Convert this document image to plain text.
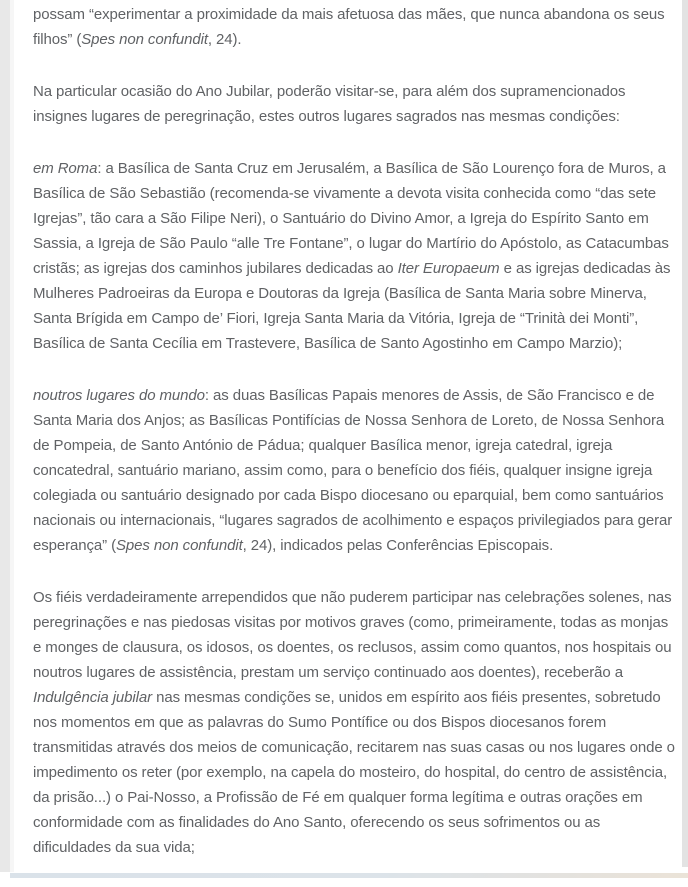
possam “experimentar a proximidade da mais afetuosa das mães, que nunca abandona os seus filhos” (Spes non confundit, 24).

Na particular ocasião do Ano Jubilar, poderão visitar-se, para além dos supramencionados insignes lugares de peregrinação, estes outros lugares sagrados nas mesmas condições:

em Roma: a Basílica de Santa Cruz em Jerusalém, a Basílica de São Lourenço fora de Muros, a Basílica de São Sebastião (recomenda-se vivamente a devota visita conhecida como “das sete Igrejas”, tão cara a São Filipe Neri), o Santuário do Divino Amor, a Igreja do Espírito Santo em Sassia, a Igreja de São Paulo “alle Tre Fontane”, o lugar do Martírio do Apóstolo, as Catacumbas cristãs; as igrejas dos caminhos jubilares dedicadas ao Iter Europaeum e as igrejas dedicadas às Mulheres Padroeiras da Europa e Doutoras da Igreja (Basílica de Santa Maria sobre Minerva, Santa Brígida em Campo de’ Fiori, Igreja Santa Maria da Vitória, Igreja de “Trinità dei Monti”, Basílica de Santa Cecília em Trastevere, Basílica de Santo Agostinho em Campo Marzio);

noutros lugares do mundo: as duas Basílicas Papais menores de Assis, de São Francisco e de Santa Maria dos Anjos; as Basílicas Pontifícias de Nossa Senhora de Loreto, de Nossa Senhora de Pompeia, de Santo António de Pádua; qualquer Basílica menor, igreja catedral, igreja concatedral, santuário mariano, assim como, para o benefício dos fiéis, qualquer insigne igreja colegiada ou santuário designado por cada Bispo diocesano ou eparquial, bem como santuários nacionais ou internacionais, “lugares sagrados de acolhimento e espaços privilegiados para gerar esperança” (Spes non confundit, 24), indicados pelas Conferências Episcopais.

Os fiéis verdadeiramente arrependidos que não puderem participar nas celebrações solenes, nas peregrinações e nas piedosas visitas por motivos graves (como, primeiramente, todas as monjas e monges de clausura, os idosos, os doentes, os reclusos, assim como quantos, nos hospitais ou noutros lugares de assistência, prestam um serviço continuado aos doentes), receberão a Indulgência jubilar nas mesmas condições se, unidos em espírito aos fiéis presentes, sobretudo nos momentos em que as palavras do Sumo Pontífice ou dos Bispos diocesanos forem transmitidas através dos meios de comunicação, recitarem nas suas casas ou nos lugares onde o impedimento os reter (por exemplo, na capela do mosteiro, do hospital, do centro de assistência, da prisão...) o Pai-Nosso, a Profissão de Fé em qualquer forma legítima e outras orações em conformidade com as finalidades do Ano Santo, oferecendo os seus sofrimentos ou as dificuldades da sua vida;
